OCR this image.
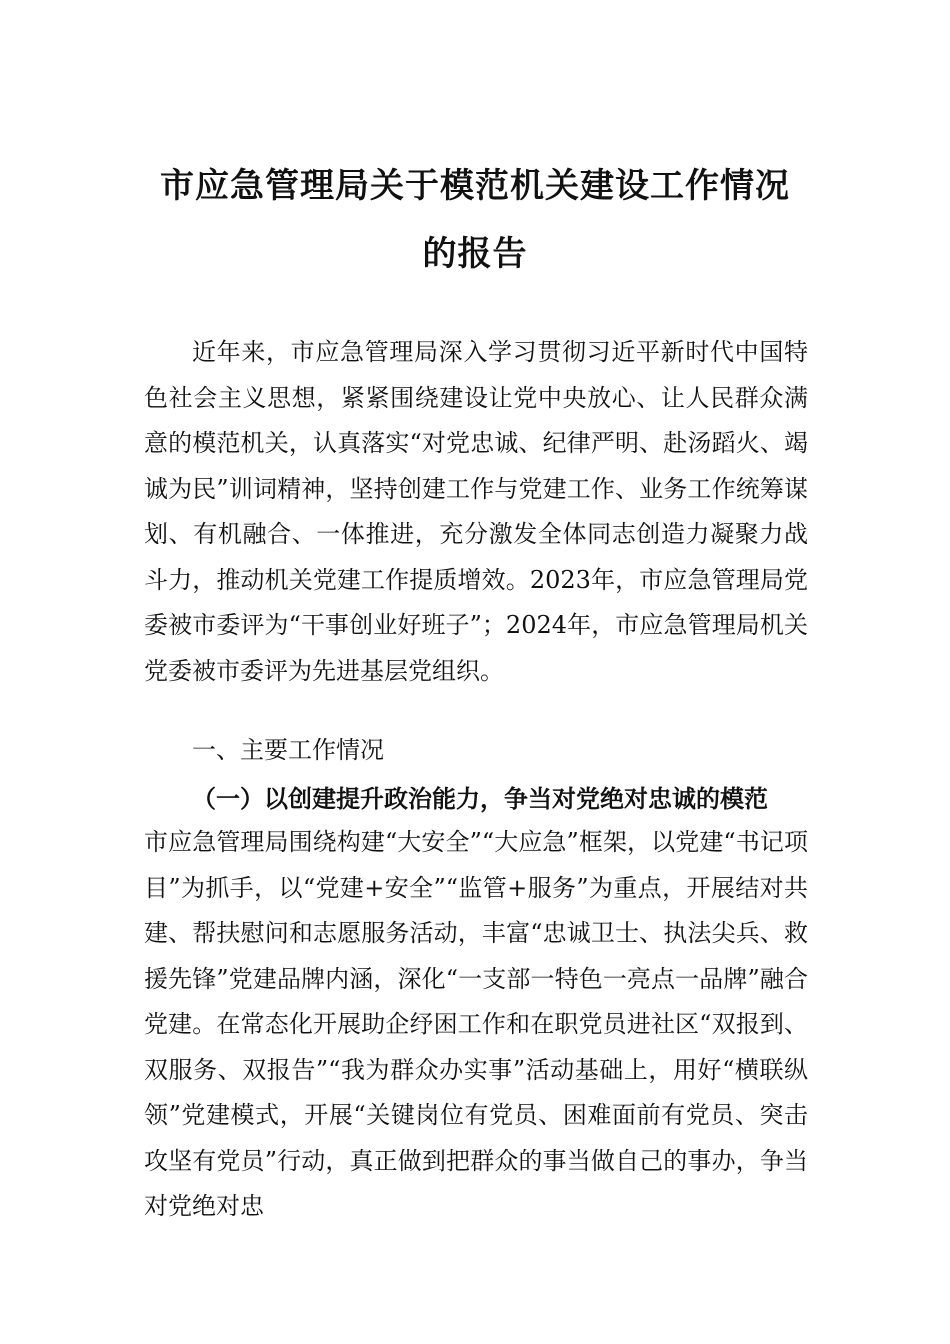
市应急管理局关于模范机关建设工作情况
的报告

近年来，市应急管理局深入学习贯彻习近平新时代中国特色社会主义思想，紧紧围绕建设让党中央放心、让人民群众满意的模范机关，认真落实“对党忠诚、纪律严明、赴汤蹈火、竭诚为民”训词精神，坚持创建工作与党建工作、业务工作统筹谋划、有机融合、一体推进，充分激发全体同志创造力凝聚力战斗力，推动机关党建工作提质增效。2023年，市应急管理局党委被市委评为“干事创业好班子”；2024年，市应急管理局机关党委被市委评为先进基层党组织。

一、主要工作情况
（一）以创建提升政治能力，争当对党绝对忠诚的模范

市应急管理局围绕构建“大安全”“大应急”框架，以党建“书记项目”为抓手，以“党建+安全”“监管+服务”为重点，开展结对共建、帮扶慰问和志愿服务活动，丰富“忠诚卫士、执法尖兵、救援先锋”党建品牌内涵，深化“一支部一特色一亮点一品牌”融合党建。在常态化开展助企纾困工作和在职党员进社区“双报到、双服务、双报告”“我为群众办实事”活动基础上，用好“横联纵领”党建模式，开展“关键岗位有党员、困难面前有党员、突击攻坚有党员”行动，真正做到把群众的事当做自己的事办，争当对党绝对忠
